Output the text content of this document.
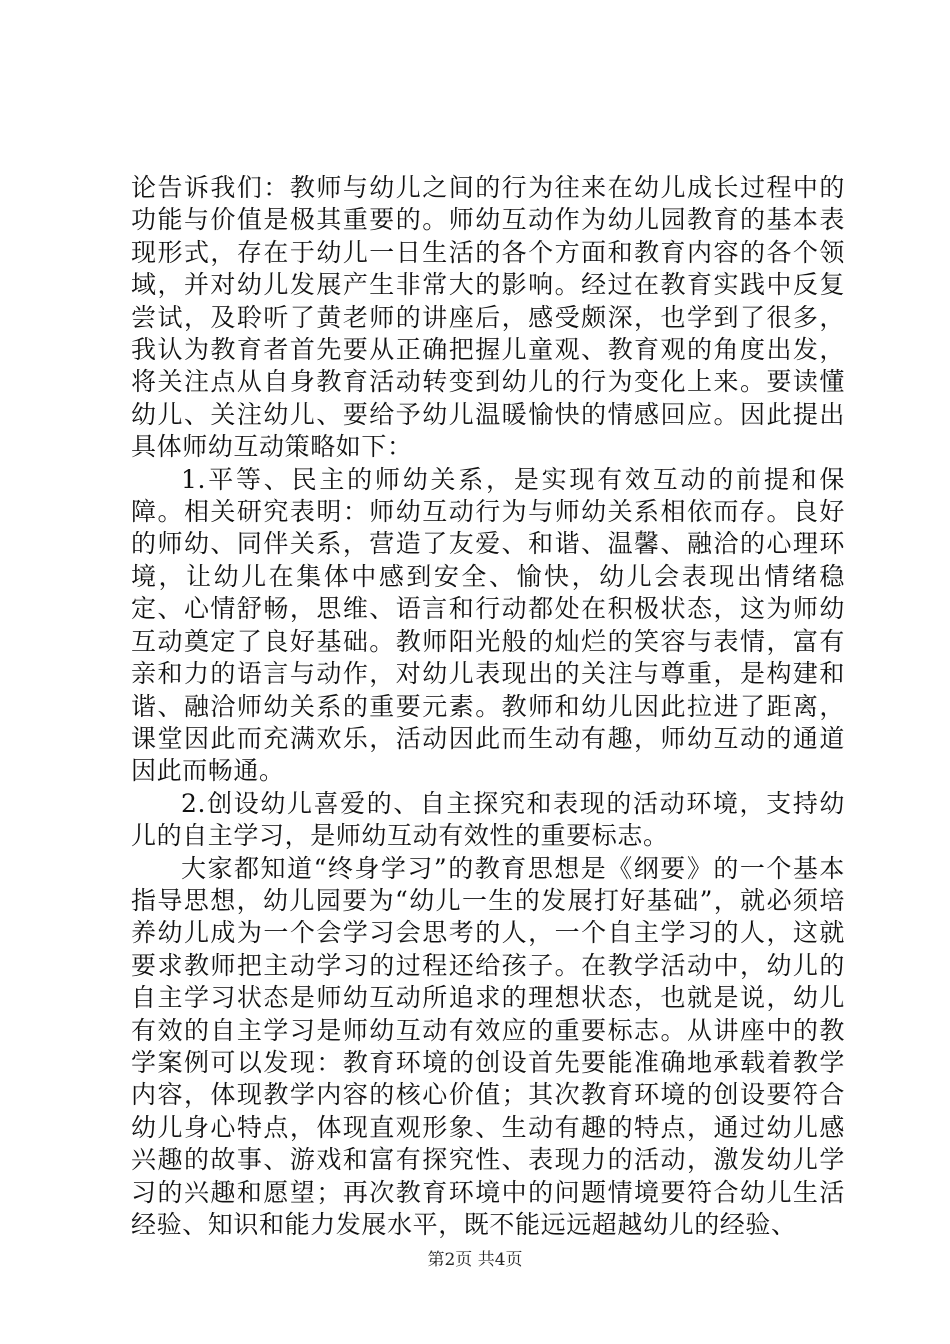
论告诉我们：教师与幼儿之间的行为往来在幼儿成长过程中的功能与价值是极其重要的。师幼互动作为幼儿园教育的基本表现形式，存在于幼儿一日生活的各个方面和教育内容的各个领域，并对幼儿发展产生非常大的影响。经过在教育实践中反复尝试，及聆听了黄老师的讲座后，感受颇深，也学到了很多，我认为教育者首先要从正确把握儿童观、教育观的角度出发，将关注点从自身教育活动转变到幼儿的行为变化上来。要读懂幼儿、关注幼儿、要给予幼儿温暖愉快的情感回应。因此提出具体师幼互动策略如下：

1.平等、民主的师幼关系，是实现有效互动的前提和保障。相关研究表明：师幼互动行为与师幼关系相依而存。良好的师幼、同伴关系，营造了友爱、和谐、温馨、融洽的心理环境，让幼儿在集体中感到安全、愉快，幼儿会表现出情绪稳定、心情舒畅，思维、语言和行动都处在积极状态，这为师幼互动奠定了良好基础。教师阳光般的灿烂的笑容与表情，富有亲和力的语言与动作，对幼儿表现出的关注与尊重，是构建和谐、融洽师幼关系的重要元素。教师和幼儿因此拉进了距离，课堂因此而充满欢乐，活动因此而生动有趣，师幼互动的通道因此而畅通。

2.创设幼儿喜爱的、自主探究和表现的活动环境，支持幼儿的自主学习，是师幼互动有效性的重要标志。

大家都知道“终身学习”的教育思想是《纲要》的一个基本指导思想，幼儿园要为“幼儿一生的发展打好基础”，就必须培养幼儿成为一个会学习会思考的人，一个自主学习的人，这就要求教师把主动学习的过程还给孩子。在教学活动中，幼儿的自主学习状态是师幼互动所追求的理想状态，也就是说，幼儿有效的自主学习是师幼互动有效应的重要标志。从讲座中的教学案例可以发现：教育环境的创设首先要能准确地承载着教学内容，体现教学内容的核心价值；其次教育环境的创设要符合幼儿身心特点，体现直观形象、生动有趣的特点，通过幼儿感兴趣的故事、游戏和富有探究性、表现力的活动，激发幼儿学习的兴趣和愿望；再次教育环境中的问题情境要符合幼儿生活经验、知识和能力发展水平，既不能远远超越幼儿的经验、

第2页 共4页
